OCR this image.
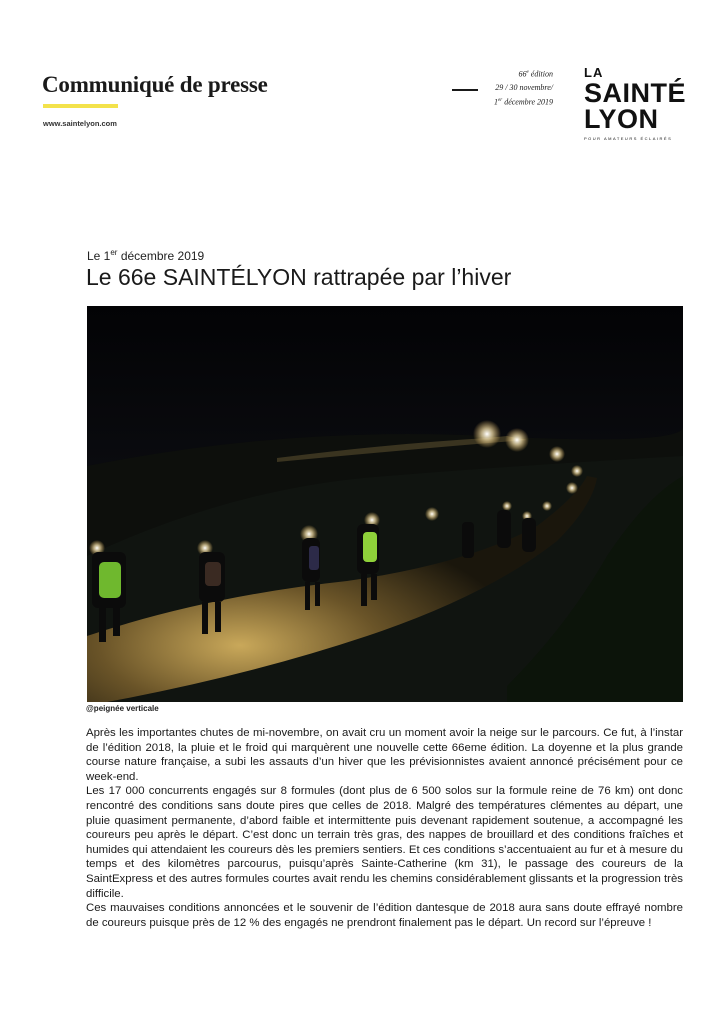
Communiqué de presse
www.saintelyon.com
66e édition
29 / 30 novembre/
1er décembre 2019
LA
SAINTÉ
LYON
POUR AMATEURS ÉCLAIRÉS
Le 1er décembre 2019
Le 66e SAINTÉLYON rattrapée par l’hiver
@peignée verticale

Après les importantes chutes de mi-novembre, on avait cru un moment avoir la neige sur le parcours. Ce fut, à l’instar de l’édition 2018, la pluie et le froid qui marquèrent une nouvelle cette 66eme édition. La doyenne et la plus grande course nature française, a subi les assauts d’un hiver que les prévisionnistes avaient annoncé précisément pour ce week-end.

Les 17 000 concurrents engagés sur 8 formules (dont plus de 6 500 solos sur la formule reine de 76 km) ont donc rencontré des conditions sans doute pires que celles de 2018. Malgré des températures clémentes au départ, une pluie quasiment permanente, d’abord faible et intermittente puis devenant rapidement soutenue, a accompagné les coureurs peu après le départ. C’est donc un terrain très gras, des nappes de brouillard et des conditions fraîches et humides qui attendaient les coureurs dès les premiers sentiers. Et ces conditions s’accentuaient au fur et à mesure du temps et des kilomètres parcourus, puisqu’après Sainte-Catherine (km 31), le passage des coureurs de la SaintExpress et des autres formules courtes avait rendu les chemins considérablement glissants et la progression très difficile.

Ces mauvaises conditions annoncées et le souvenir de l’édition dantesque de 2018 aura sans doute effrayé nombre de coureurs puisque près de 12 % des engagés ne prendront finalement pas le départ. Un record sur l’épreuve !
